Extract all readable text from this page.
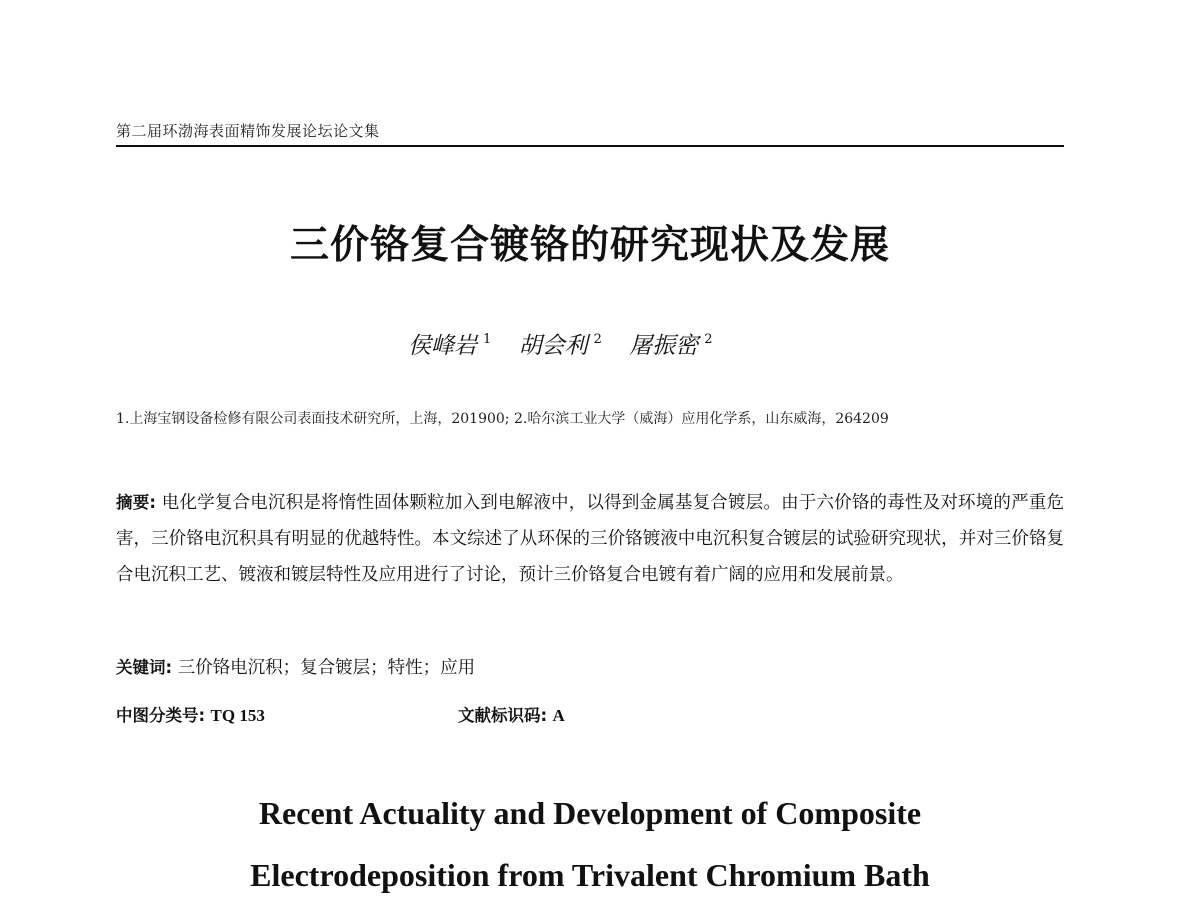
第二届环渤海表面精饰发展论坛论文集
三价铬复合镀铬的研究现状及发展
侯峰岩 $^1$ 胡会利 $^2$ 屠振密 $^2$
1.上海宝钢设备检修有限公司表面技术研究所，上海，201900; 2.哈尔滨工业大学（威海）应用化学系，山东威海，264209
摘要: 电化学复合电沉积是将惰性固体颗粒加入到电解液中，以得到金属基复合镀层。由于六价铬的毒性及对环境的严重危害，三价铬电沉积具有明显的优越特性。本文综述了从环保的三价铬镀液中电沉积复合镀层的试验研究现状，并对三价铬复合电沉积工艺、镀液和镀层特性及应用进行了讨论，预计三价铬复合电镀有着广阔的应用和发展前景。
关键词: 三价铬电沉积；复合镀层；特性；应用
中图分类号: TQ 153	文献标识码: A
Recent Actuality and Development of Composite
Electrodeposition from Trivalent Chromium Bath
